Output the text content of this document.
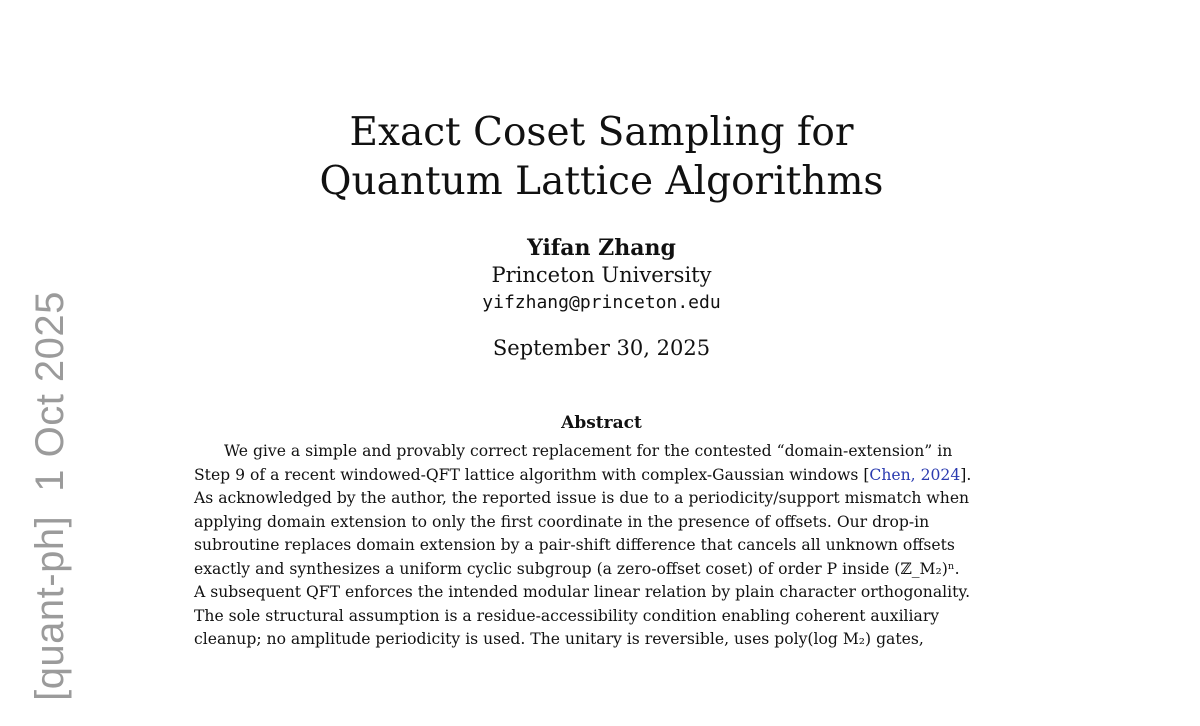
[quant-ph]
1 Oct 2025
Exact Coset Sampling for
Quantum Lattice Algorithms
Yifan Zhang
Princeton University
yifzhang@princeton.edu
September 30, 2025
Abstract
We give a simple and provably correct replacement for the contested “domain-extension” in
Step 9 of a recent windowed-QFT lattice algorithm with complex-Gaussian windows [Chen, 2024].
As acknowledged by the author, the reported issue is due to a periodicity/support mismatch when
applying domain extension to only the first coordinate in the presence of offsets. Our drop-in
subroutine replaces domain extension by a pair-shift difference that cancels all unknown offsets
exactly and synthesizes a uniform cyclic subgroup (a zero-offset coset) of order P inside (ℤ_M₂)ⁿ.
A subsequent QFT enforces the intended modular linear relation by plain character orthogonality.
The sole structural assumption is a residue-accessibility condition enabling coherent auxiliary
cleanup; no amplitude periodicity is used. The unitary is reversible, uses poly(log M₂) gates,
